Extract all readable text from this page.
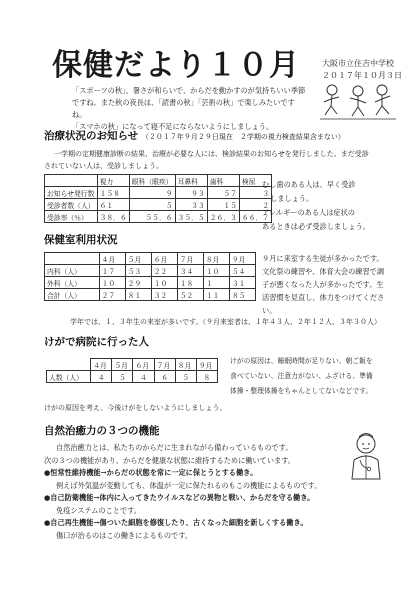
保健だより１０月	大阪市立住吉中学校
２０１７年１０月３日
「スポーツの秋」、暑さが和らいで、からだを動かすのが気持ちいい季節
ですね。また秋の夜長は、「読書の秋」「芸術の秋」で楽しみたいですね。
「スマホの秋」になって寝不足にならないようにしましょう。
治療状況のお知らせ （２０１７年９月２９日現在　２学期の視力検査結果含まない）
一学期の定期健康診断の結果、治療が必要な人には、検診結果のお知らせを発行しました。まだ受診
されていない人は、受診しましょう。
	視力	眼科（眼疾）	耳鼻科	歯科	検尿
お知らせ発行数	１５８	９	９３	５７	３
受診者数（人）	６１	５	３３	１５	２
受診率（％）	３８．６	５５．６	３５．５	２６．３	６６．７
むし歯のある人は、早く受診
しましょう。
アレルギーのある人は症状の
あるときは必ず受診しましょう。
保健室利用状況
	４月	５月	６月	７月	８月	９月
内科（人）	１７	５３	２２	３４	１０	５４
外科（人）	１０	２９	１０	１８	１	３１
合計（人）	２７	８１	３２	５２	１１	８５
９月に来室する生徒が多かったです。
文化祭の練習や、体育大会の練習で調
子が悪くなった人が多かったです。生
活習慣を見直し、体力をつけてくださ
い。
学年では、１、３年生の来室が多いです。（９月来室者は、１年４３人、２年１２人、３年３０人）
けがで病院に行った人
	４月	５月	６月	７月	８月	９月
人数（人）	４	５	４	６	５	８
けがの原因は、睡眠時間が足りない、朝ご飯を
食べていない、注意力がない、ふざける、準備
体操・整理体操をちゃんとしてないなどです。
けがの原因を考え、今後けがをしないようにしましょう。
自然治癒力の３つの機能
自然治癒力とは、私たちのからだに生まれながら備わっているものです。
次の３つの機能があり、からだを健康な状態に維持するために働いています。
●恒常性維持機能→からだの状態を常に一定に保とうとする働き。
例えば外気温が変動しても、体温が一定に保たれるのもこの機能によるものです。
●自己防衛機能→体内に入ってきたウイルスなどの異物と戦い、からだを守る働き。
免疫システムのことです。
●自己再生機能→傷ついた細胞を修復したり、古くなった細胞を新しくする働き。
傷口が治るのはこの働きによるものです。
